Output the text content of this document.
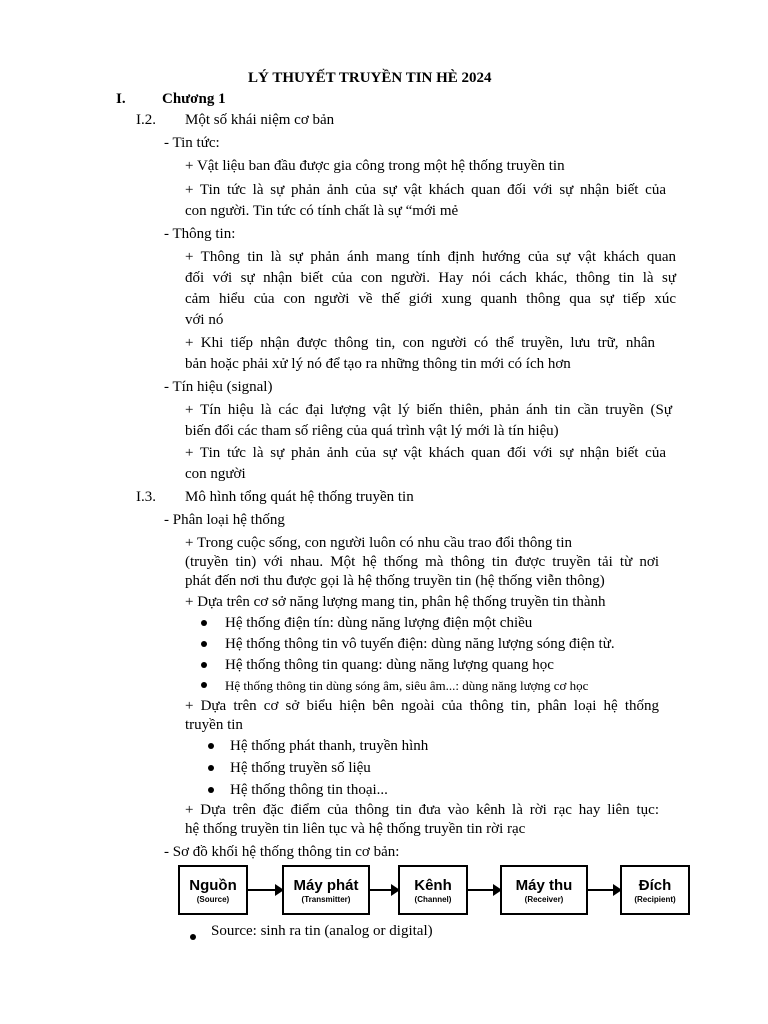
LÝ THUYẾT TRUYỀN TIN HÈ 2024
I. Chương 1
I.2. Một số khái niệm cơ bản
- Tin tức:
+ Vật liệu ban đầu được gia công trong một hệ thống truyền tin
+ Tin tức là sự phản ảnh của sự vật khách quan đối với sự nhận biết của
con người. Tin tức có tính chất là sự “mới mẻ
- Thông tin:
+ Thông tin là sự phản ánh mang tính định hướng của sự vật khách quan
đối với sự nhận biết của con người. Hay nói cách khác, thông tin là sự
cảm hiểu của con người về thế giới xung quanh thông qua sự tiếp xúc
với nó
+ Khi tiếp nhận được thông tin, con người có thể truyền, lưu trữ, nhân
bản hoặc phải xử lý nó để tạo ra những thông tin mới có ích hơn
- Tín hiệu (signal)
+ Tín hiệu là các đại lượng vật lý biến thiên, phản ánh tin cần truyền (Sự
biến đổi các tham số riêng của quá trình vật lý mới là tín hiệu)
+ Tin tức là sự phản ảnh của sự vật khách quan đối với sự nhận biết của
con người
I.3. Mô hình tổng quát hệ thống truyền tin
- Phân loại hệ thống
+ Trong cuộc sống, con người luôn có nhu cầu trao đổi thông tin
(truyền tin) với nhau. Một hệ thống mà thông tin được truyền tải từ nơi
phát đến nơi thu được gọi là hệ thống truyền tin (hệ thống viễn thông)
+ Dựa trên cơ sở năng lượng mang tin, phân hệ thống truyền tin thành
Hệ thống điện tín: dùng năng lượng điện một chiều
Hệ thống thông tin vô tuyến điện: dùng năng lượng sóng điện từ.
Hệ thống thông tin quang: dùng năng lượng quang học
Hệ thống thông tin dùng sóng âm, siêu âm...: dùng năng lượng cơ học
+ Dựa trên cơ sở biểu hiện bên ngoài của thông tin, phân loại hệ thống
truyền tin
Hệ thống phát thanh, truyền hình
Hệ thống truyền số liệu
Hệ thống thông tin thoại...
+ Dựa trên đặc điểm của thông tin đưa vào kênh là rời rạc hay liên tục:
hệ thống truyền tin liên tục và hệ thống truyền tin rời rạc
- Sơ đồ khối hệ thống thông tin cơ bản:
Nguồn
(Source)
Máy phát
(Transmitter)
Kênh
(Channel)
Máy thu
(Receiver)
Đích
(Recipient)
Source: sinh ra tin (analog or digital)
